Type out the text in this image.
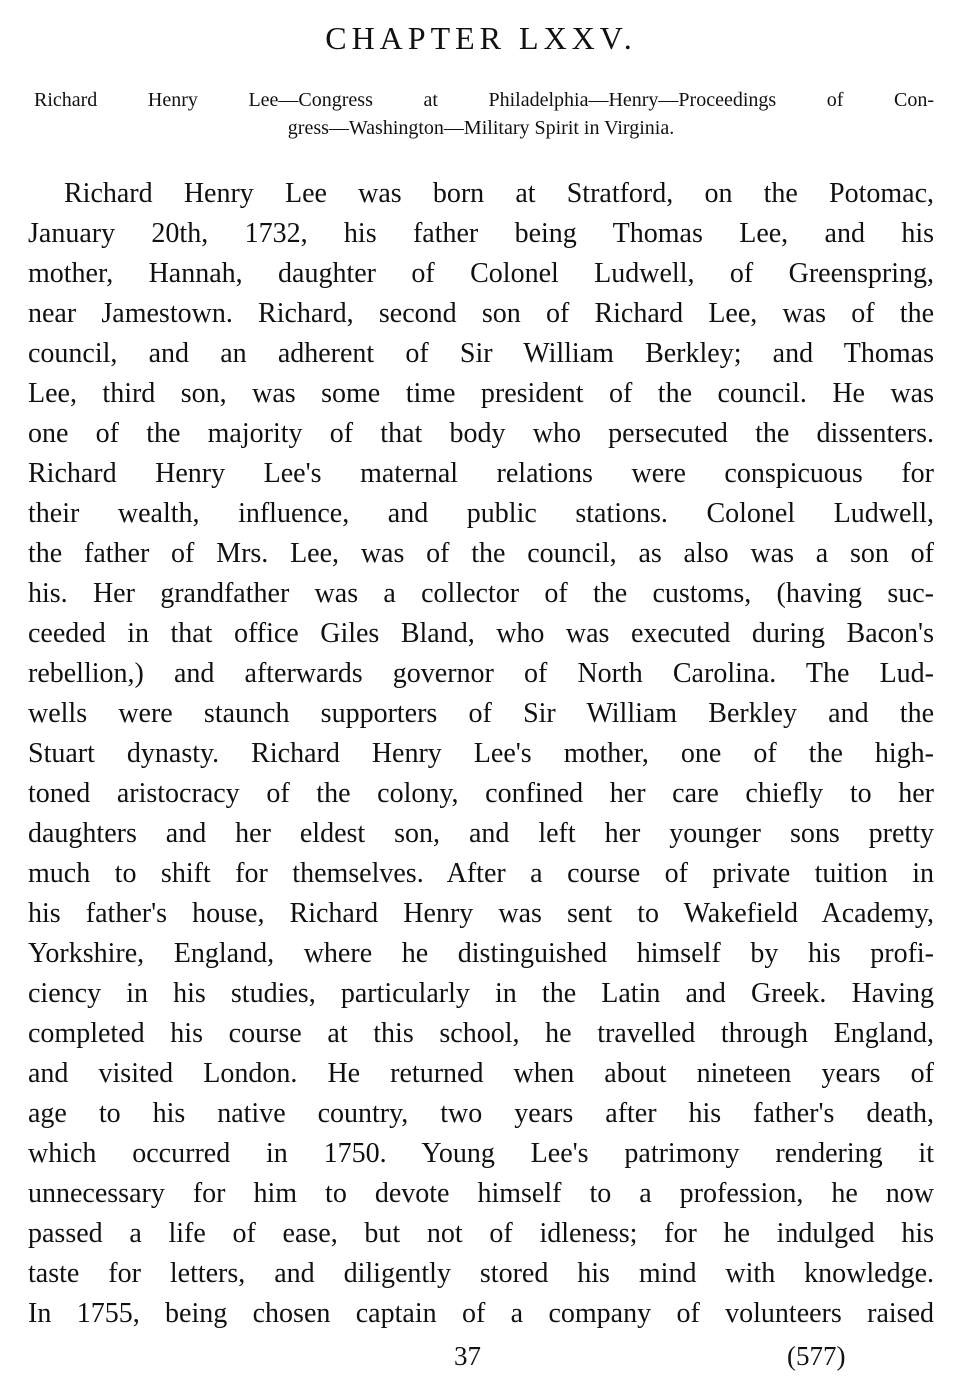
CHAPTER LXXV.

Richard Henry Lee—Congress at Philadelphia—Henry—Proceedings of Con-
gress—Washington—Military Spirit in Virginia.

Richard Henry Lee was born at Stratford, on the Potomac,
January 20th, 1732, his father being Thomas Lee, and his
mother, Hannah, daughter of Colonel Ludwell, of Greenspring,
near Jamestown. Richard, second son of Richard Lee, was of the
council, and an adherent of Sir William Berkley; and Thomas
Lee, third son, was some time president of the council. He was
one of the majority of that body who persecuted the dissenters.
Richard Henry Lee's maternal relations were conspicuous for
their wealth, influence, and public stations. Colonel Ludwell,
the father of Mrs. Lee, was of the council, as also was a son of
his. Her grandfather was a collector of the customs, (having suc-
ceeded in that office Giles Bland, who was executed during Bacon's
rebellion,) and afterwards governor of North Carolina. The Lud-
wells were staunch supporters of Sir William Berkley and the
Stuart dynasty. Richard Henry Lee's mother, one of the high-
toned aristocracy of the colony, confined her care chiefly to her
daughters and her eldest son, and left her younger sons pretty
much to shift for themselves. After a course of private tuition in
his father's house, Richard Henry was sent to Wakefield Academy,
Yorkshire, England, where he distinguished himself by his profi-
ciency in his studies, particularly in the Latin and Greek. Having
completed his course at this school, he travelled through England,
and visited London. He returned when about nineteen years of
age to his native country, two years after his father's death,
which occurred in 1750. Young Lee's patrimony rendering it
unnecessary for him to devote himself to a profession, he now
passed a life of ease, but not of idleness; for he indulged his
taste for letters, and diligently stored his mind with knowledge.
In 1755, being chosen captain of a company of volunteers raised
37	(577)
